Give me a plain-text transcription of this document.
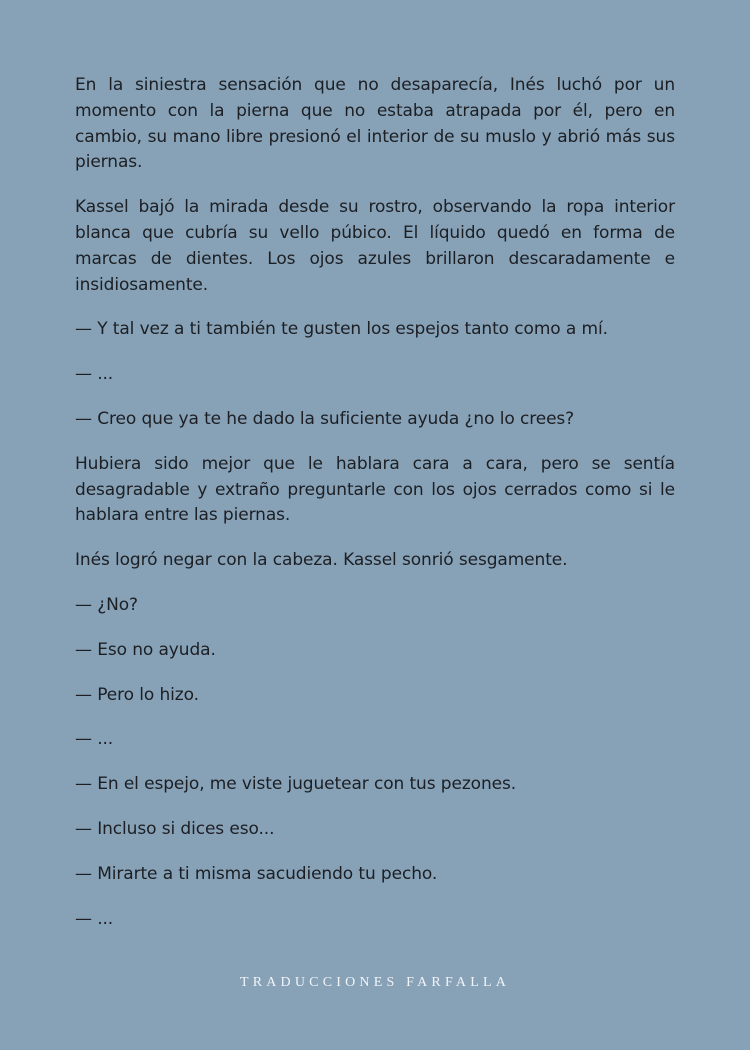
En la siniestra sensación que no desaparecía, Inés luchó por un momento con la pierna que no estaba atrapada por él, pero en cambio, su mano libre presionó el interior de su muslo y abrió más sus piernas.

Kassel bajó la mirada desde su rostro, observando la ropa interior blanca que cubría su vello púbico. El líquido quedó en forma de marcas de dientes. Los ojos azules brillaron descaradamente e insidiosamente.

— Y tal vez a ti también te gusten los espejos tanto como a mí.

— ...

— Creo que ya te he dado la suficiente ayuda ¿no lo crees?

Hubiera sido mejor que le hablara cara a cara, pero se sentía desagradable y extraño preguntarle con los ojos cerrados como si le hablara entre las piernas.

Inés logró negar con la cabeza. Kassel sonrió sesgamente.

— ¿No?

— Eso no ayuda.

— Pero lo hizo.

— ...

— En el espejo, me viste juguetear con tus pezones.

— Incluso si dices eso...

— Mirarte a ti misma sacudiendo tu pecho.

— ...

TRADUCCIONES FARFALLA
